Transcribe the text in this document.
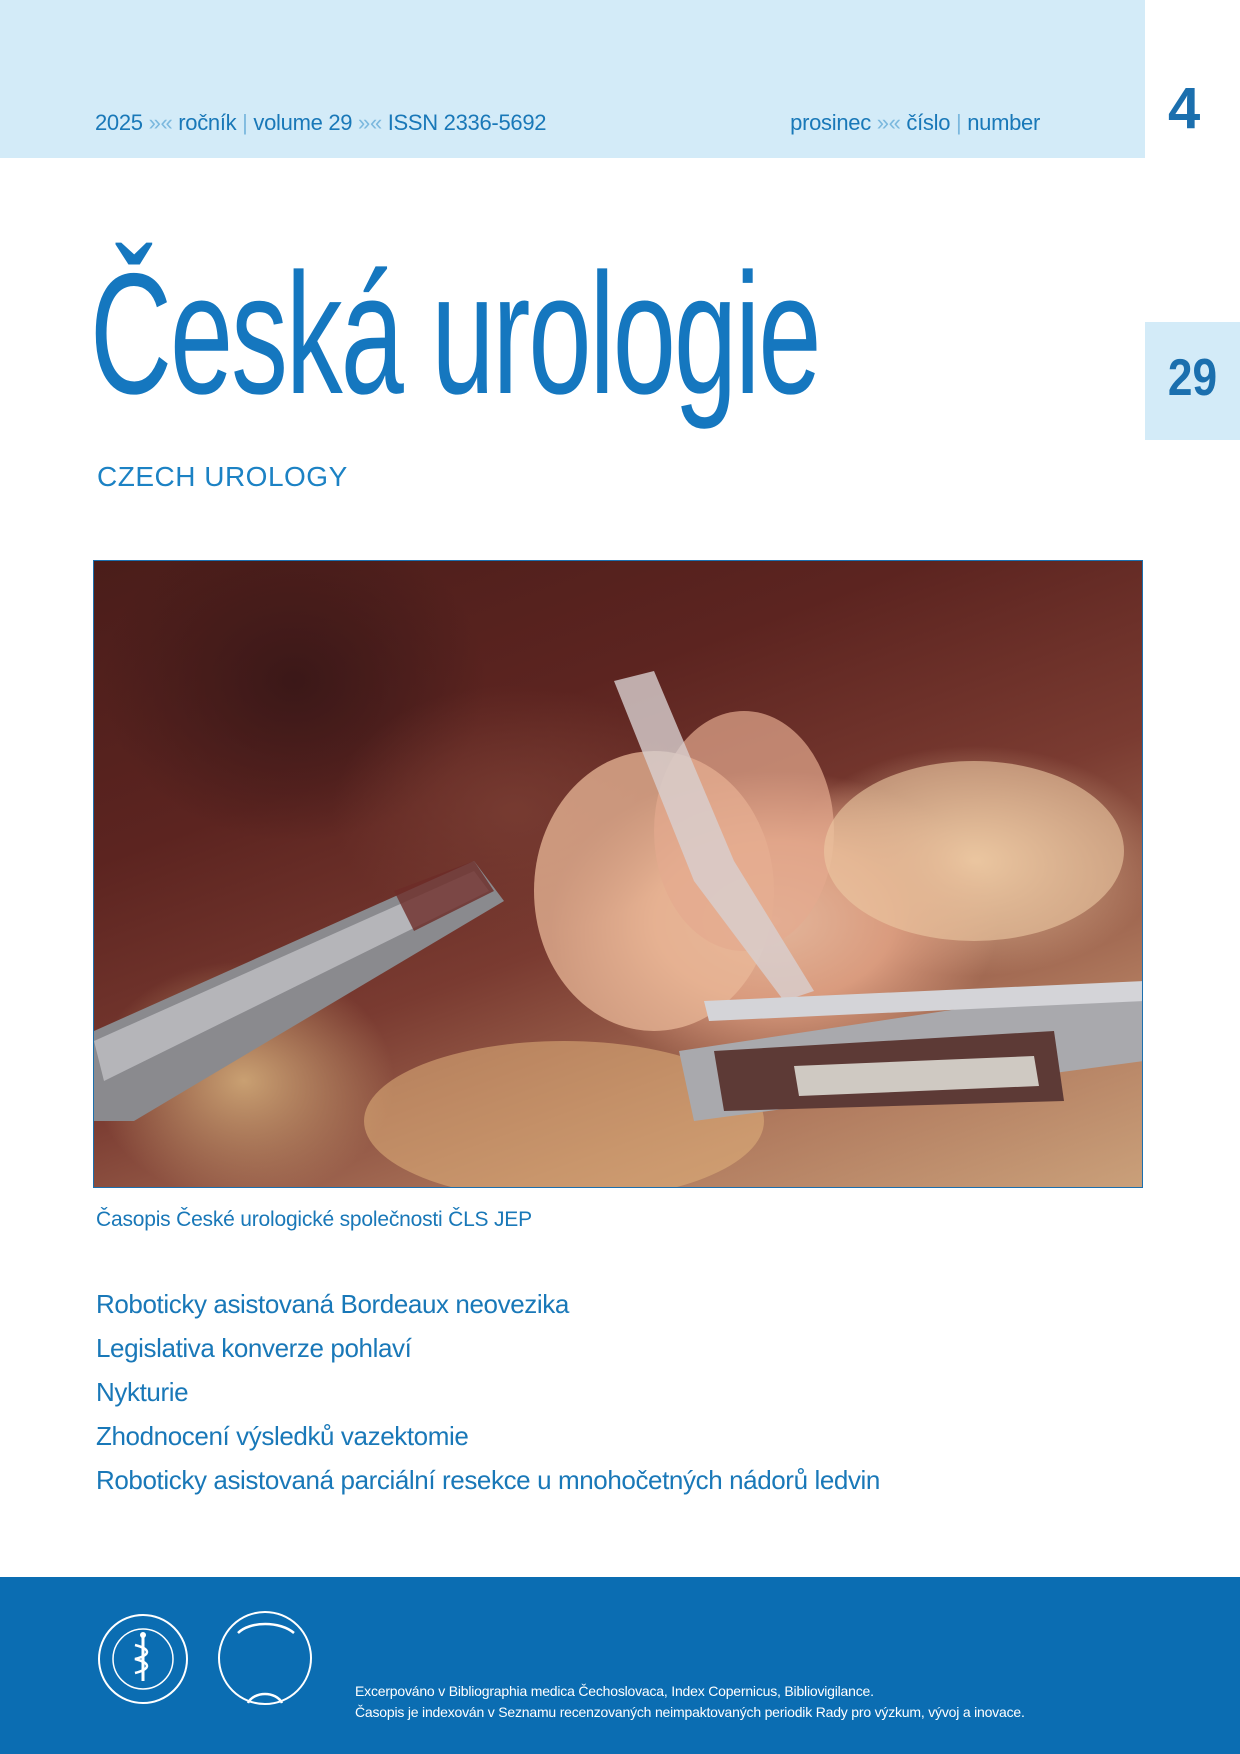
2025 »« ročník | volume 29 »« ISSN 2336-5692	prosinec »« číslo | number 4
29
Česká urologie
CZECH UROLOGY
Časopis České urologické společnosti ČLS JEP
Roboticky asistovaná Bordeaux neovezika
Legislativa konverze pohlaví
Nykturie
Zhodnocení výsledků vazektomie
Roboticky asistovaná parciální resekce u mnohočetných nádorů ledvin
Excerpováno v Bibliographia medica Čechoslovaca, Index Copernicus, Bibliovigilance.
Časopis je indexován v Seznamu recenzovaných neimpaktovaných periodik Rady pro výzkum, vývoj a inovace.
